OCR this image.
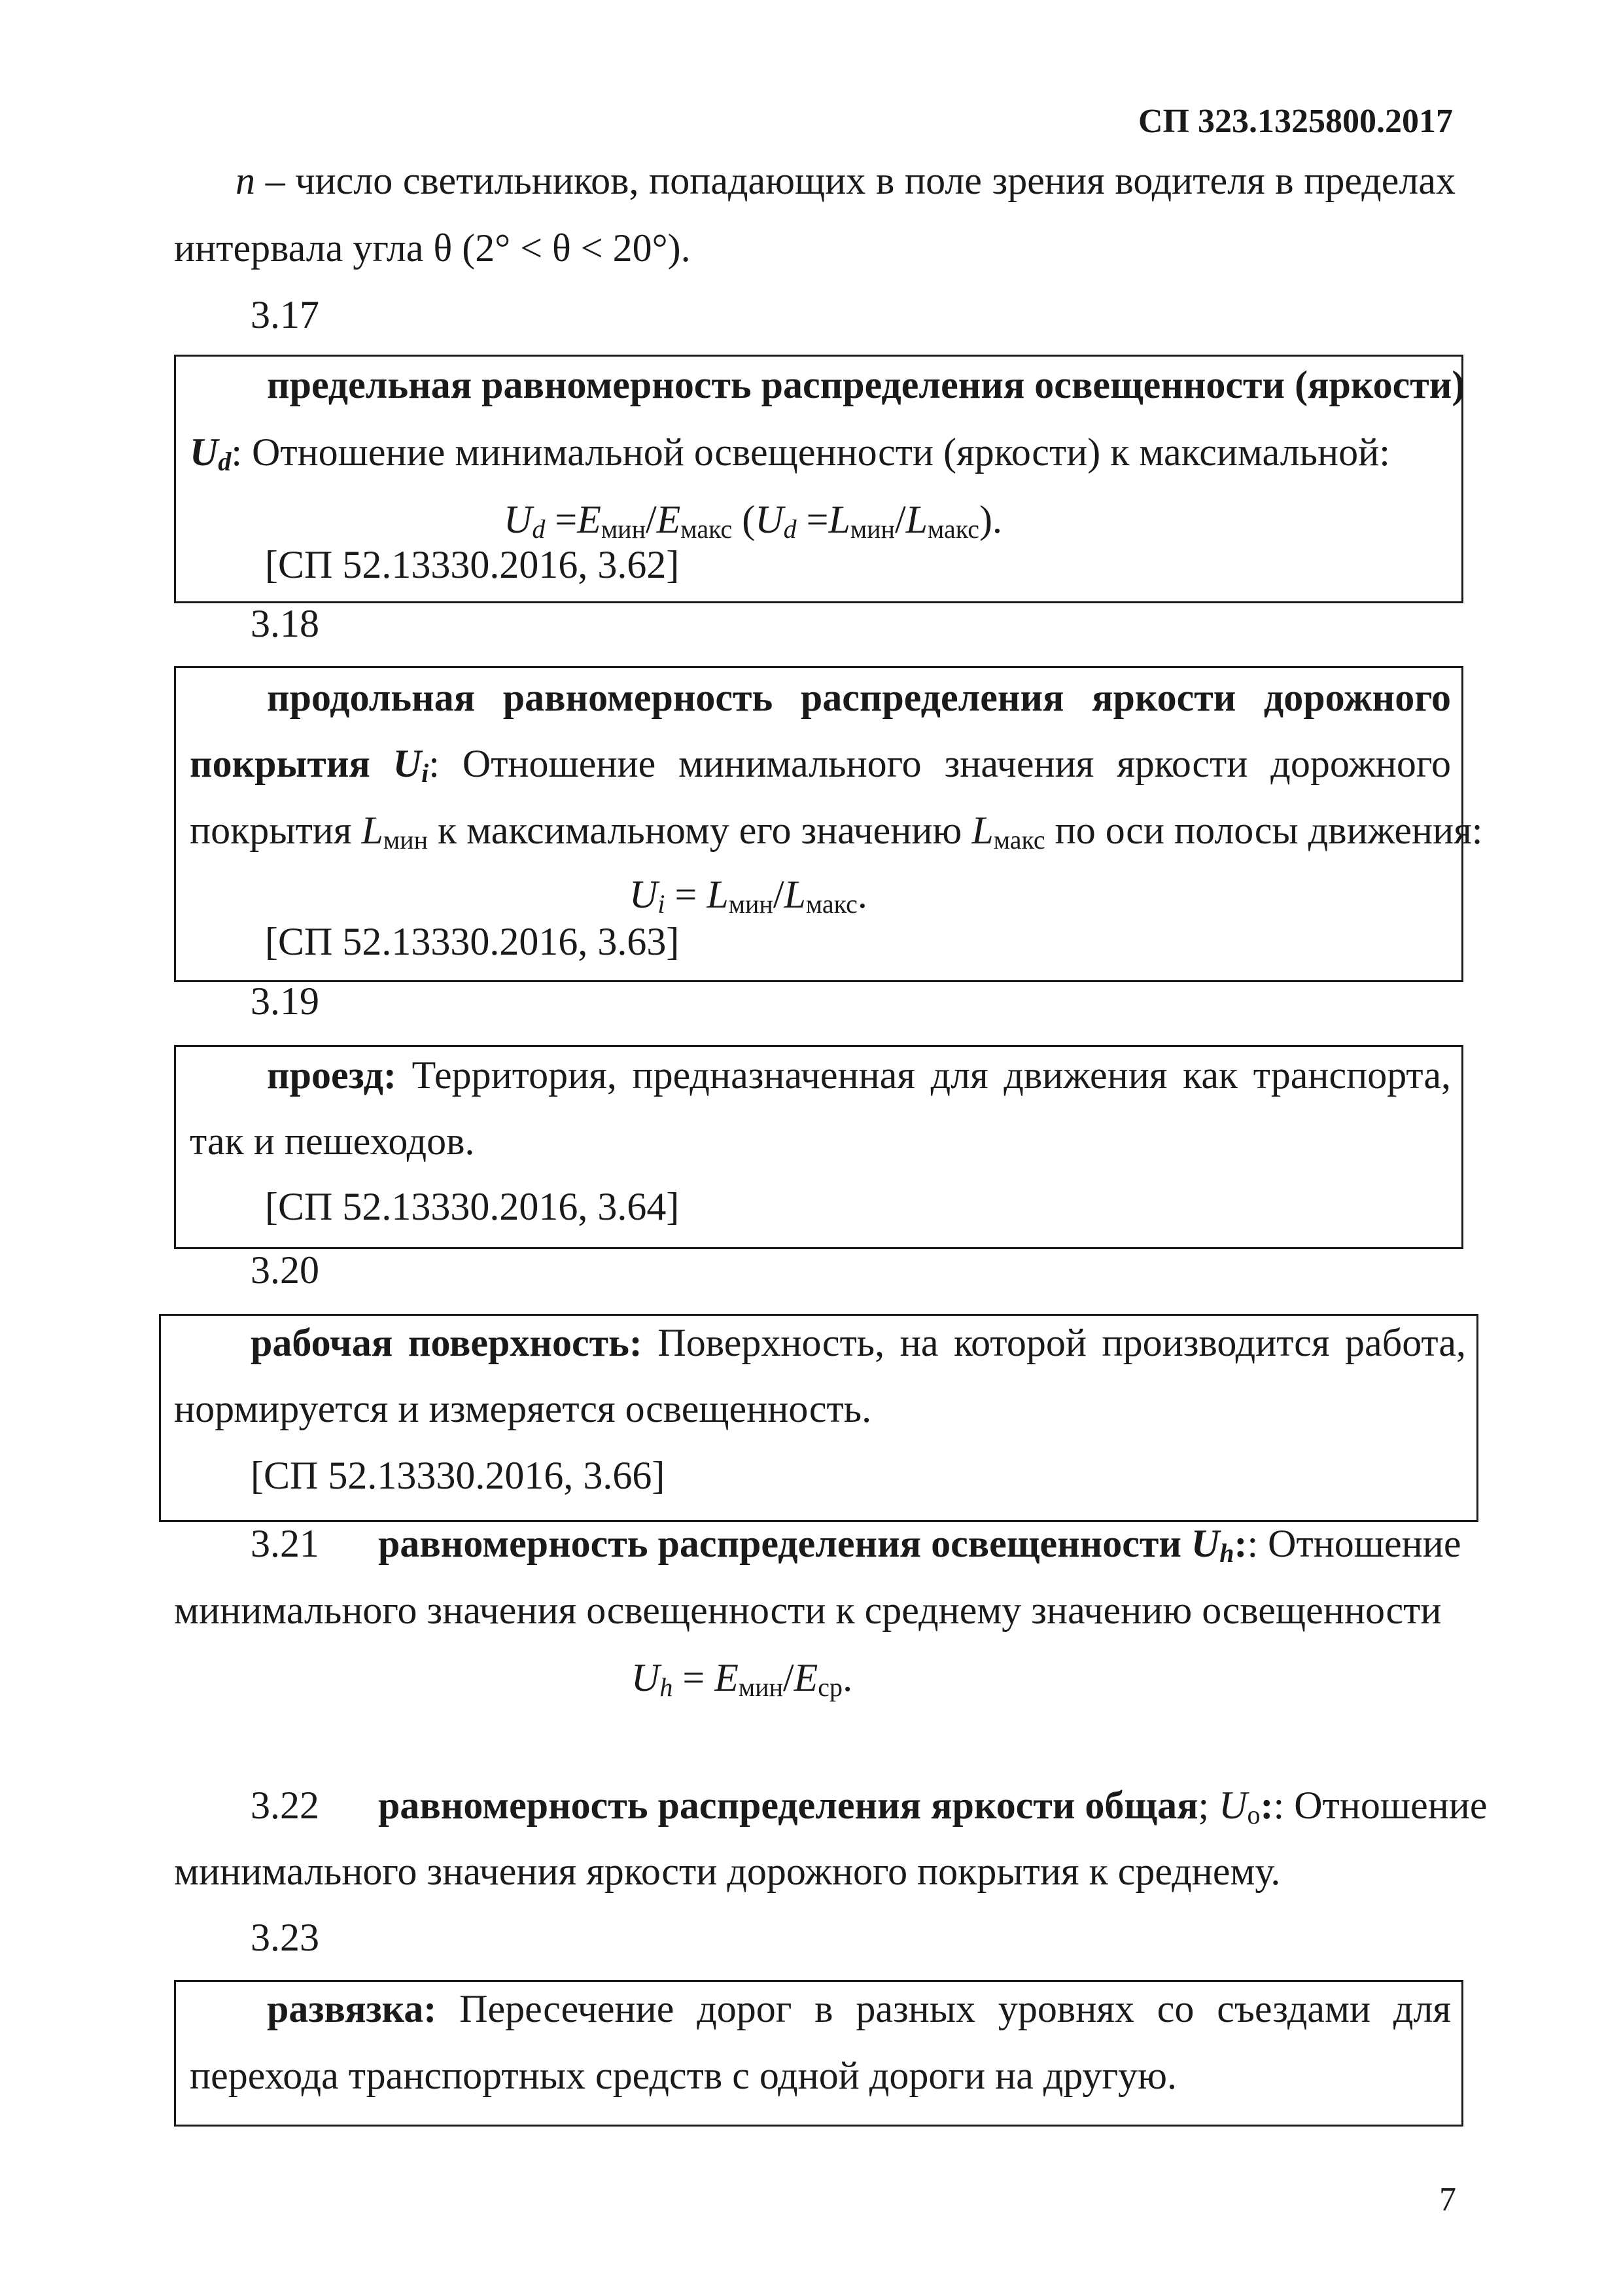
СП 323.1325800.2017
n – число светильников, попадающих в поле зрения водителя в пределах
интервала угла θ (2° < θ < 20°).
3.17
предельная равномерность распределения освещенности (яркости)
$U_d$: Отношение минимальной освещенности (яркости) к максимальной:
$U_d =E_{мин}/E_{макс}$ $(U_d =L_{мин}/L_{макс})$.
[СП 52.13330.2016, 3.62]
3.18
продольная равномерность распределения яркости дорожного
покрытия $U_i$: Отношение минимального значения яркости дорожного
покрытия $L_{мин}$ к максимальному его значению $L_{макс}$ по оси полосы движения:
$U_i = L_{мин}/L_{макс}$.
[СП 52.13330.2016, 3.63]
3.19
проезд: Территория, предназначенная для движения как транспорта,
так и пешеходов.
[СП 52.13330.2016, 3.64]
3.20
рабочая поверхность: Поверхность, на которой производится работа,
нормируется и измеряется освещенность.
[СП 52.13330.2016, 3.66]
3.21 равномерность распределения освещенности $U_h$:: Отношение
минимального значения освещенности к среднему значению освещенности
$U_h = E_{мин}/E_{ср}$.
3.22 равномерность распределения яркости общая; $U_o$:: Отношение
минимального значения яркости дорожного покрытия к среднему.
3.23
развязка: Пересечение дорог в разных уровнях со съездами для
перехода транспортных средств с одной дороги на другую.
7
